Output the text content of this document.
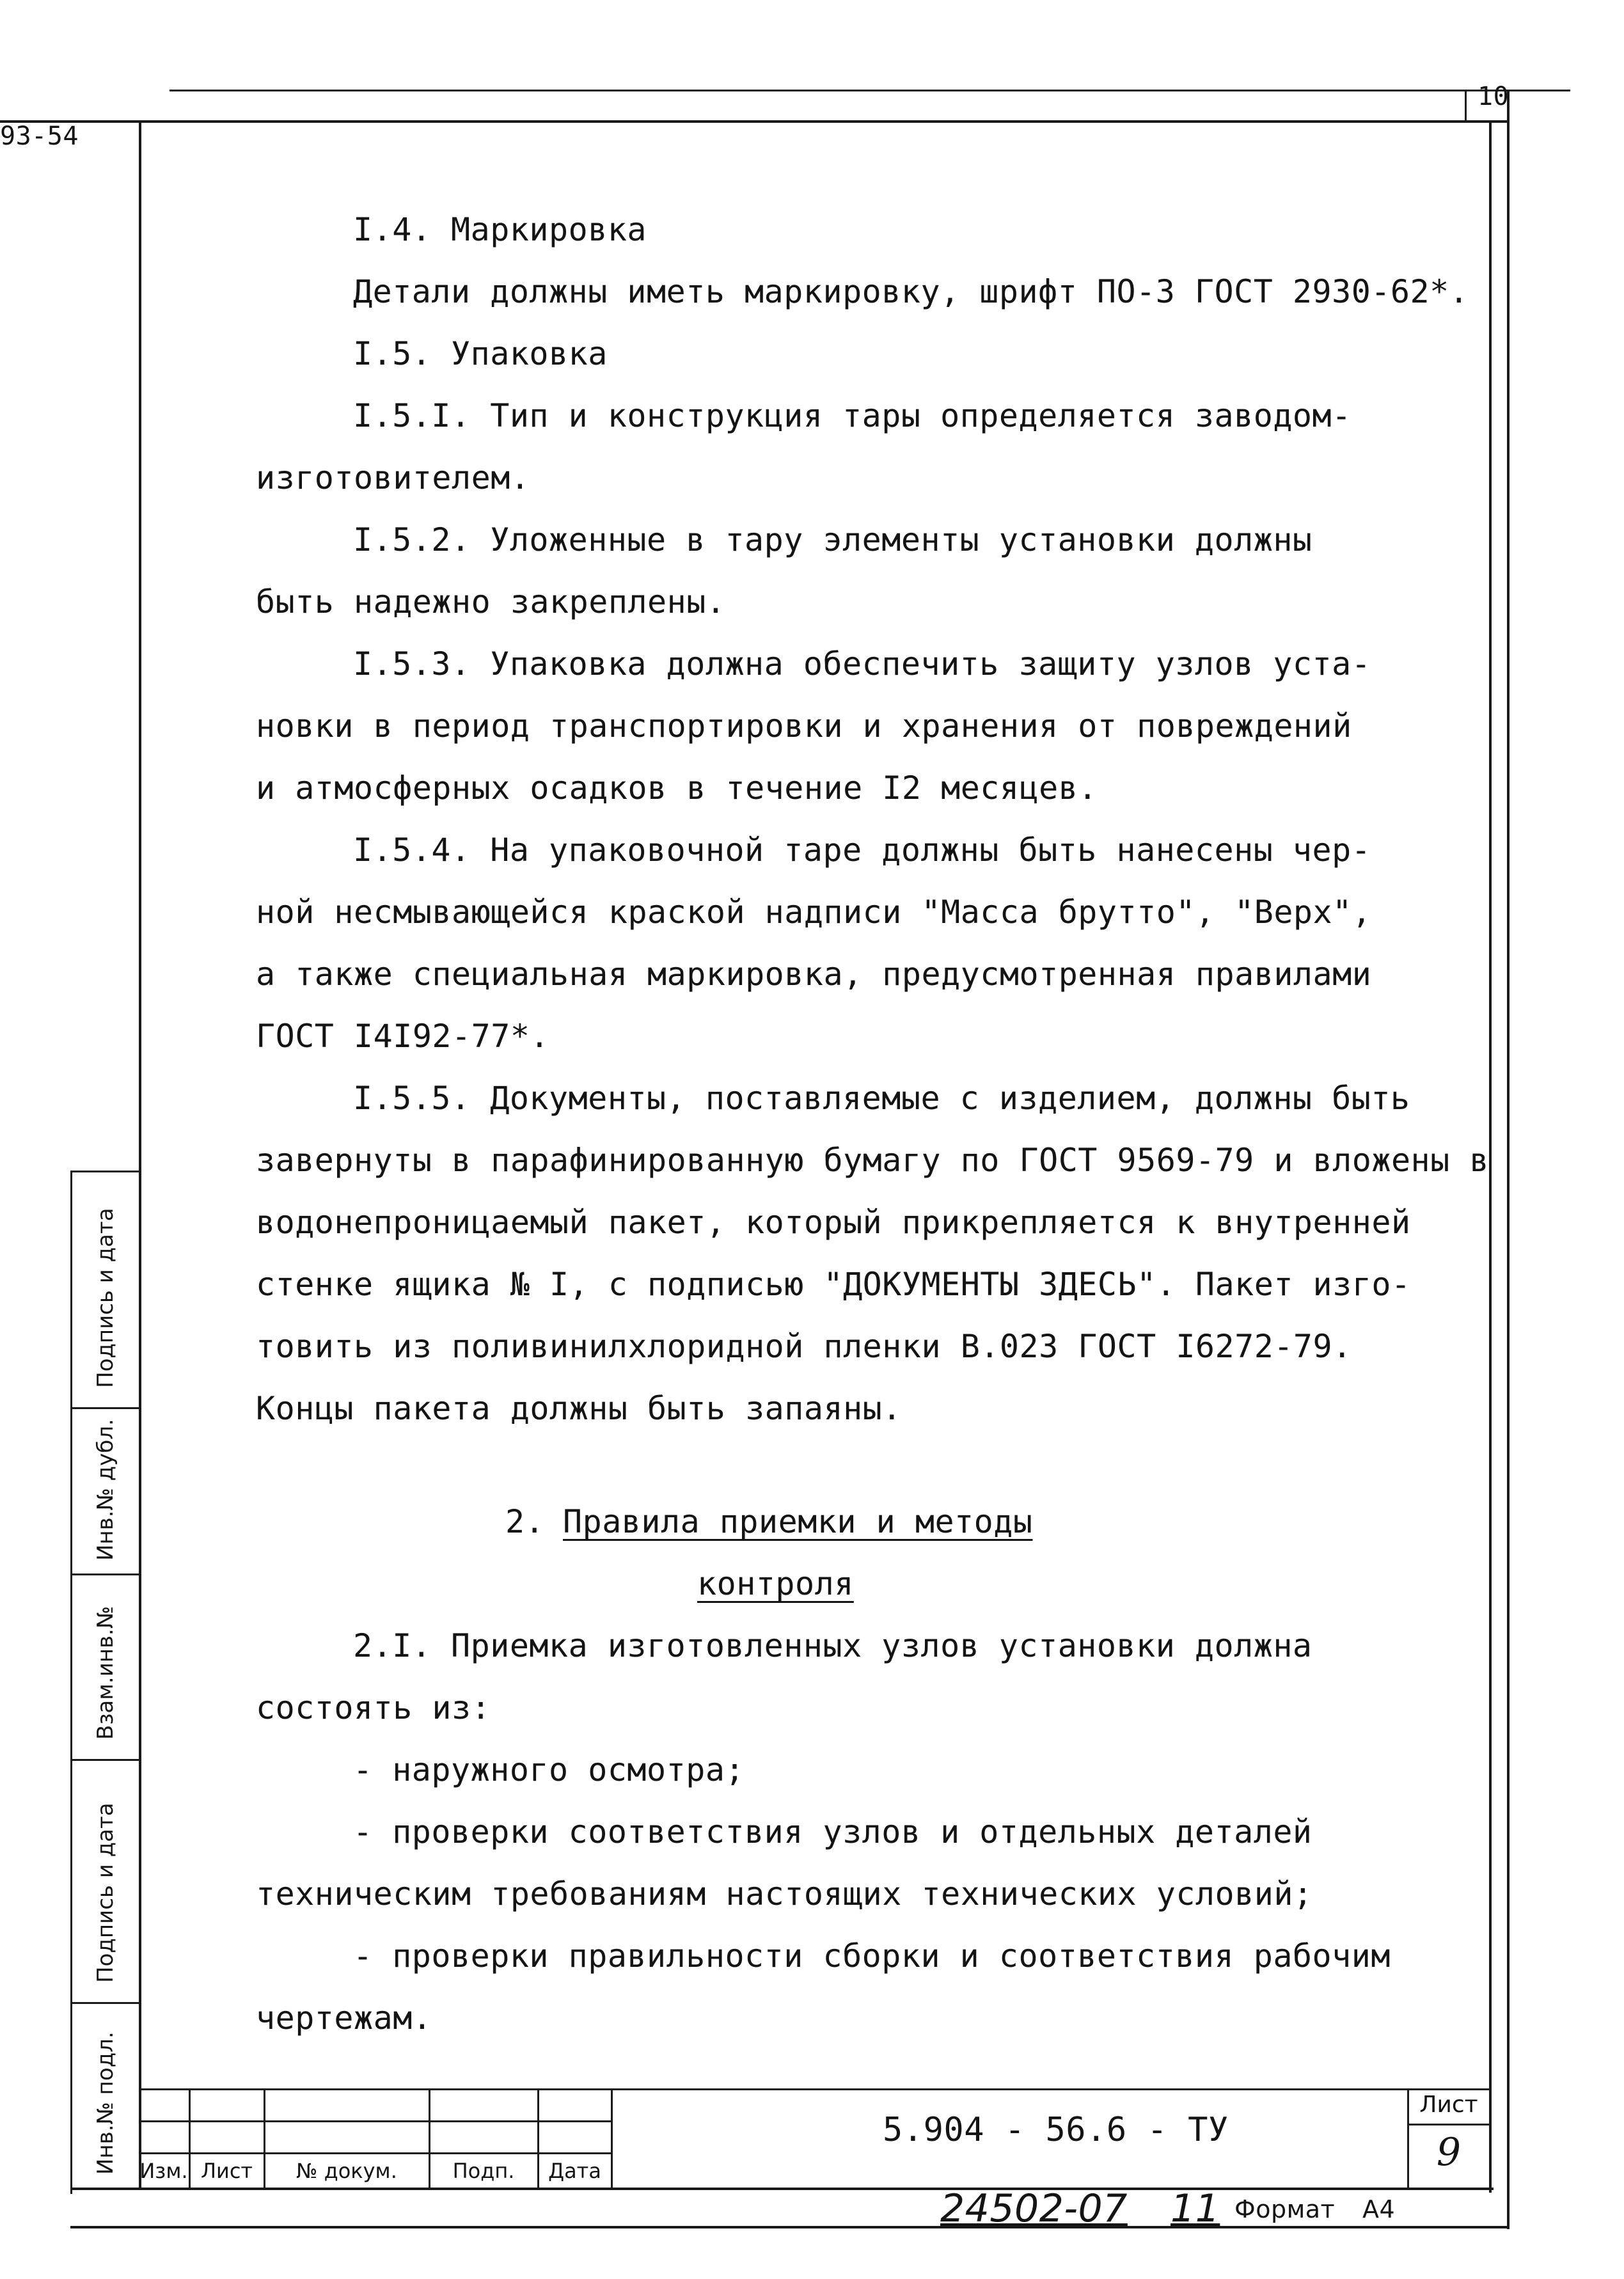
93-54
10
Подпись и дата
Инв.№ дубл.
Взам.инв.№
Подпись и дата
Инв.№ подл.
I.4. Маркировка
Детали должны иметь маркировку, шрифт ПО-3 ГОСТ 2930-62*.
I.5. Упаковка
I.5.I. Тип и конструкция тары определяется заводом-
изготовителем.
I.5.2. Уложенные в тару элементы установки должны
быть надежно закреплены.
I.5.3. Упаковка должна обеспечить защиту узлов уста-
новки в период транспортировки и хранения от повреждений
и атмосферных осадков в течение I2 месяцев.
I.5.4. На упаковочной таре должны быть нанесены чер-
ной несмывающейся краской надписи "Масса брутто", "Верх",
а также специальная маркировка, предусмотренная правилами
ГОСТ I4I92-77*.
I.5.5. Документы, поставляемые с изделием, должны быть
завернуты в парафинированную бумагу по ГОСТ 9569-79 и вложены в
водонепроницаемый пакет, который прикрепляется к внутренней
стенке ящика № I, с подписью "ДОКУМЕНТЫ ЗДЕСЬ". Пакет изго-
товить из поливинилхлоридной пленки В.023 ГОСТ I6272-79.
Концы пакета должны быть запаяны.
2. Правила приемки и методы
контроля
2.I. Приемка изготовленных узлов установки должна
состоять из:
- наружного осмотра;
- проверки соответствия узлов и отдельных деталей
техническим требованиям настоящих технических условий;
- проверки правильности сборки и соответствия рабочим
чертежам.
Изм. Лист	№ докум.	Подп.	Дата
5.904 - 56.6 - ТУ
Лист
9
24502-07 11 Формат А4
